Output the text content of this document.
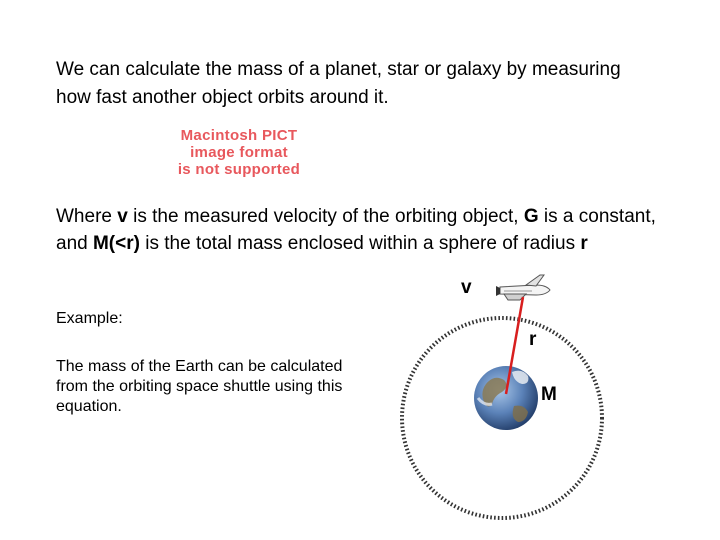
We can calculate the mass of a planet, star or galaxy by measuring how fast another object orbits around it.
Macintosh PICT
image format
is not supported
Where v is the measured velocity of the orbiting object, G is a constant, and M(<r) is the total mass enclosed within a sphere of radius r
Example:
The mass of the Earth can be calculated from the orbiting space shuttle using this equation.
v
r
M
